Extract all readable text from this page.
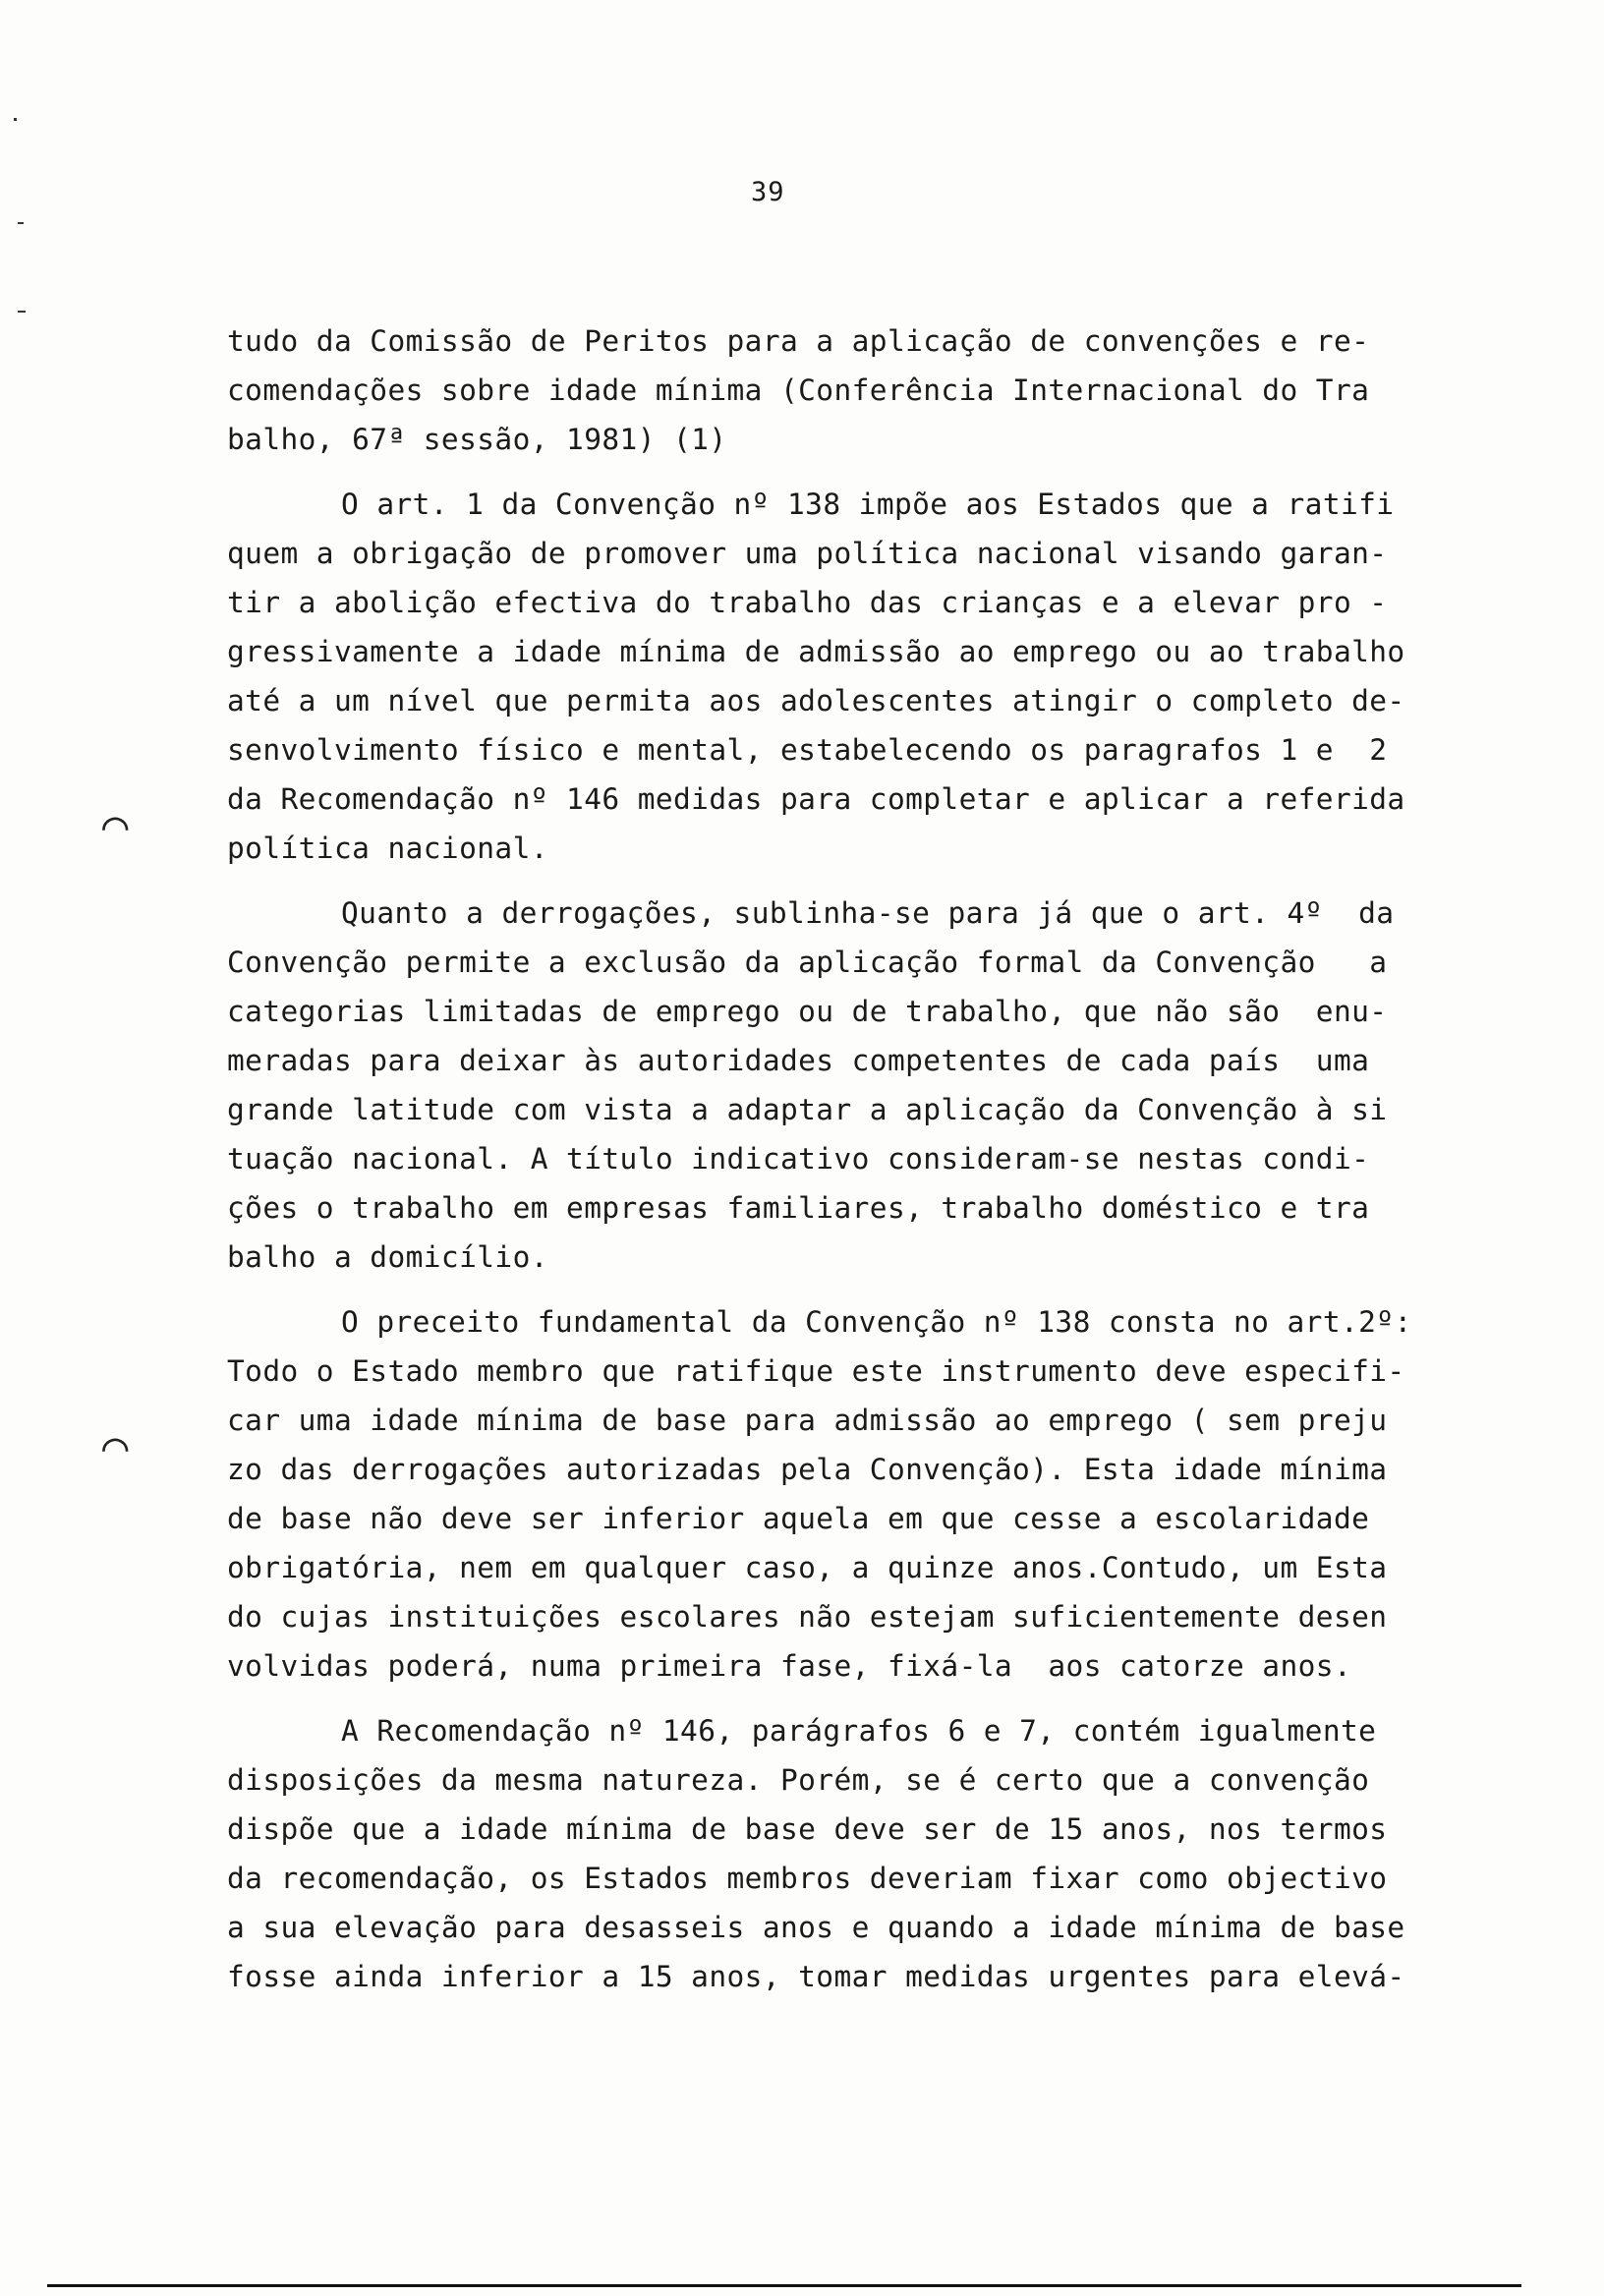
39
⌒
⌒
tudo da Comissão de Peritos para a aplicação de convenções e re-
comendações sobre idade mínima (Conferência Internacional do Tra
balho, 67ª sessão, 1981) (1)
O art. 1 da Convenção nº 138 impõe aos Estados que a ratifi
quem a obrigação de promover uma política nacional visando garan-
tir a abolição efectiva do trabalho das crianças e a elevar pro -
gressivamente a idade mínima de admissão ao emprego ou ao trabalho
até a um nível que permita aos adolescentes atingir o completo de-
senvolvimento físico e mental, estabelecendo os paragrafos 1 e  2
da Recomendação nº 146 medidas para completar e aplicar a referida
política nacional.
Quanto a derrogações, sublinha-se para já que o art. 4º  da
Convenção permite a exclusão da aplicação formal da Convenção   a
categorias limitadas de emprego ou de trabalho, que não são  enu-
meradas para deixar às autoridades competentes de cada país  uma
grande latitude com vista a adaptar a aplicação da Convenção à si
tuação nacional. A título indicativo consideram-se nestas condi-
ções o trabalho em empresas familiares, trabalho doméstico e tra
balho a domicílio.
O preceito fundamental da Convenção nº 138 consta no art.2º:
Todo o Estado membro que ratifique este instrumento deve especifi-
car uma idade mínima de base para admissão ao emprego ( sem preju
zo das derrogações autorizadas pela Convenção). Esta idade mínima
de base não deve ser inferior aquela em que cesse a escolaridade
obrigatória, nem em qualquer caso, a quinze anos.Contudo, um Esta
do cujas instituições escolares não estejam suficientemente desen
volvidas poderá, numa primeira fase, fixá-la  aos catorze anos.
A Recomendação nº 146, parágrafos 6 e 7, contém igualmente
disposições da mesma natureza. Porém, se é certo que a convenção
dispõe que a idade mínima de base deve ser de 15 anos, nos termos
da recomendação, os Estados membros deveriam fixar como objectivo
a sua elevação para desasseis anos e quando a idade mínima de base
fosse ainda inferior a 15 anos, tomar medidas urgentes para elevá-
